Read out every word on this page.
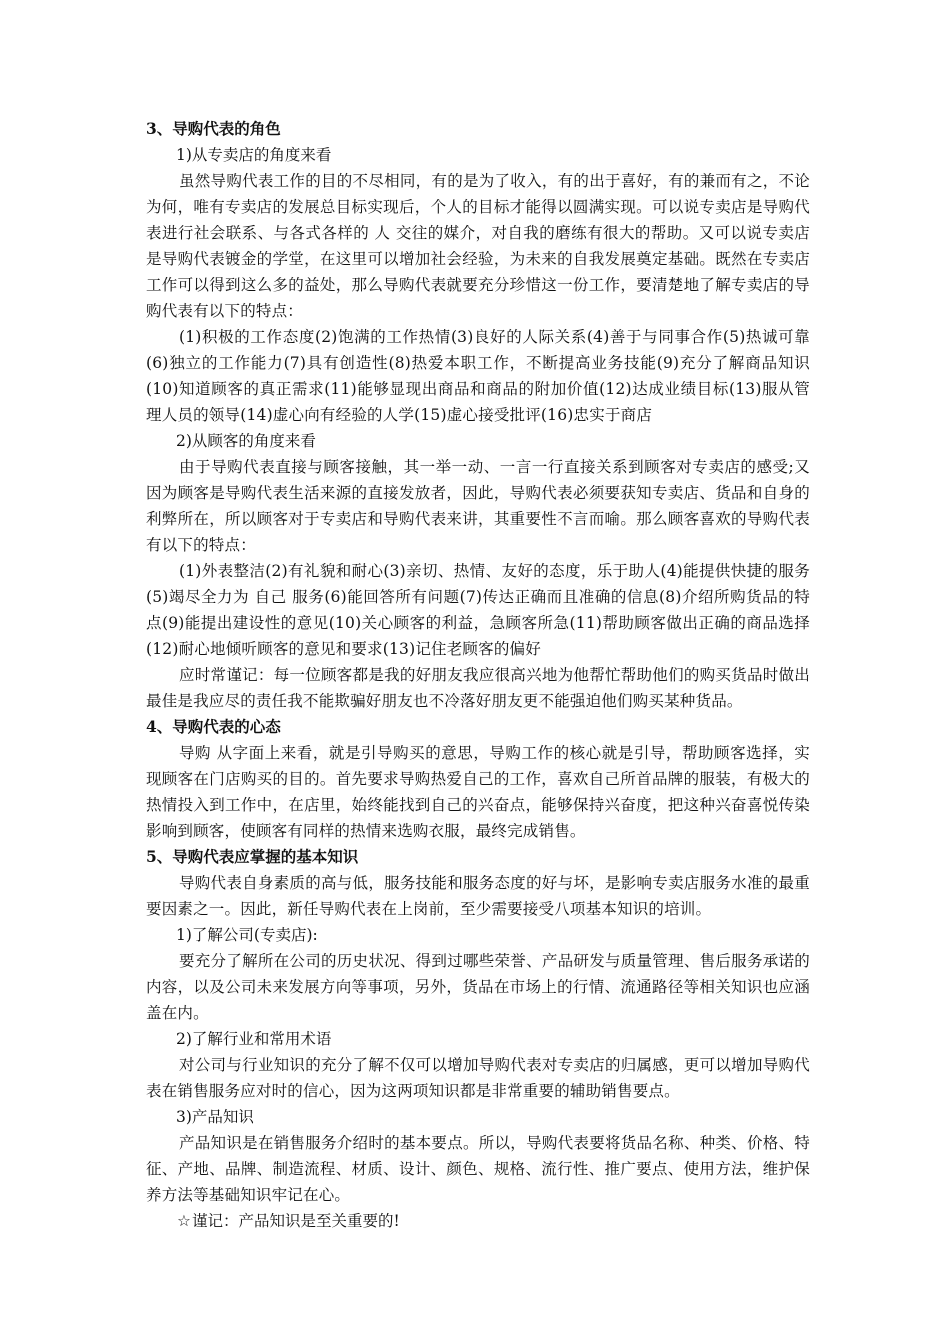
3、导购代表的角色

1)从专卖店的角度来看

虽然导购代表工作的目的不尽相同，有的是为了收入，有的出于喜好，有的兼而有之，不论为何，唯有专卖店的发展总目标实现后，个人的目标才能得以圆满实现。可以说专卖店是导购代表进行社会联系、与各式各样的 人 交往的媒介，对自我的磨练有很大的帮助。又可以说专卖店是导购代表镀金的学堂，在这里可以增加社会经验，为未来的自我发展奠定基础。既然在专卖店工作可以得到这么多的益处，那么导购代表就要充分珍惜这一份工作，要清楚地了解专卖店的导购代表有以下的特点：

(1)积极的工作态度(2)饱满的工作热情(3)良好的人际关系(4)善于与同事合作(5)热诚可靠(6)独立的工作能力(7)具有创造性(8)热爱本职工作，不断提高业务技能(9)充分了解商品知识(10)知道顾客的真正需求(11)能够显现出商品和商品的附加价值(12)达成业绩目标(13)服从管理人员的领导(14)虚心向有经验的人学(15)虚心接受批评(16)忠实于商店

2)从顾客的角度来看

由于导购代表直接与顾客接触，其一举一动、一言一行直接关系到顾客对专卖店的感受;又因为顾客是导购代表生活来源的直接发放者，因此，导购代表必须要获知专卖店、货品和自身的利弊所在，所以顾客对于专卖店和导购代表来讲，其重要性不言而喻。那么顾客喜欢的导购代表有以下的特点：

(1)外表整洁(2)有礼貌和耐心(3)亲切、热情、友好的态度，乐于助人(4)能提供快捷的服务(5)竭尽全力为 自己 服务(6)能回答所有问题(7)传达正确而且准确的信息(8)介绍所购货品的特点(9)能提出建设性的意见(10)关心顾客的利益，急顾客所急(11)帮助顾客做出正确的商品选择(12)耐心地倾听顾客的意见和要求(13)记住老顾客的偏好

应时常谨记：每一位顾客都是我的好朋友我应很高兴地为他帮忙帮助他们的购买货品时做出最佳是我应尽的责任我不能欺骗好朋友也不冷落好朋友更不能强迫他们购买某种货品。

4、导购代表的心态

导购 从字面上来看，就是引导购买的意思，导购工作的核心就是引导，帮助顾客选择，实现顾客在门店购买的目的。首先要求导购热爱自己的工作，喜欢自己所首品牌的服装，有极大的热情投入到工作中，在店里，始终能找到自己的兴奋点，能够保持兴奋度，把这种兴奋喜悦传染影响到顾客，使顾客有同样的热情来选购衣服，最终完成销售。

5、导购代表应掌握的基本知识

导购代表自身素质的高与低，服务技能和服务态度的好与坏，是影响专卖店服务水准的最重要因素之一。因此，新任导购代表在上岗前，至少需要接受八项基本知识的培训。

1)了解公司(专卖店):

要充分了解所在公司的历史状况、得到过哪些荣誉、产品研发与质量管理、售后服务承诺的内容，以及公司未来发展方向等事项，另外，货品在市场上的行情、流通路径等相关知识也应涵盖在内。

2)了解行业和常用术语

对公司与行业知识的充分了解不仅可以增加导购代表对专卖店的归属感，更可以增加导购代表在销售服务应对时的信心，因为这两项知识都是非常重要的辅助销售要点。

3)产品知识

产品知识是在销售服务介绍时的基本要点。所以，导购代表要将货品名称、种类、价格、特征、产地、品牌、制造流程、材质、设计、颜色、规格、流行性、推广要点、使用方法，维护保养方法等基础知识牢记在心。

☆谨记：产品知识是至关重要的!
